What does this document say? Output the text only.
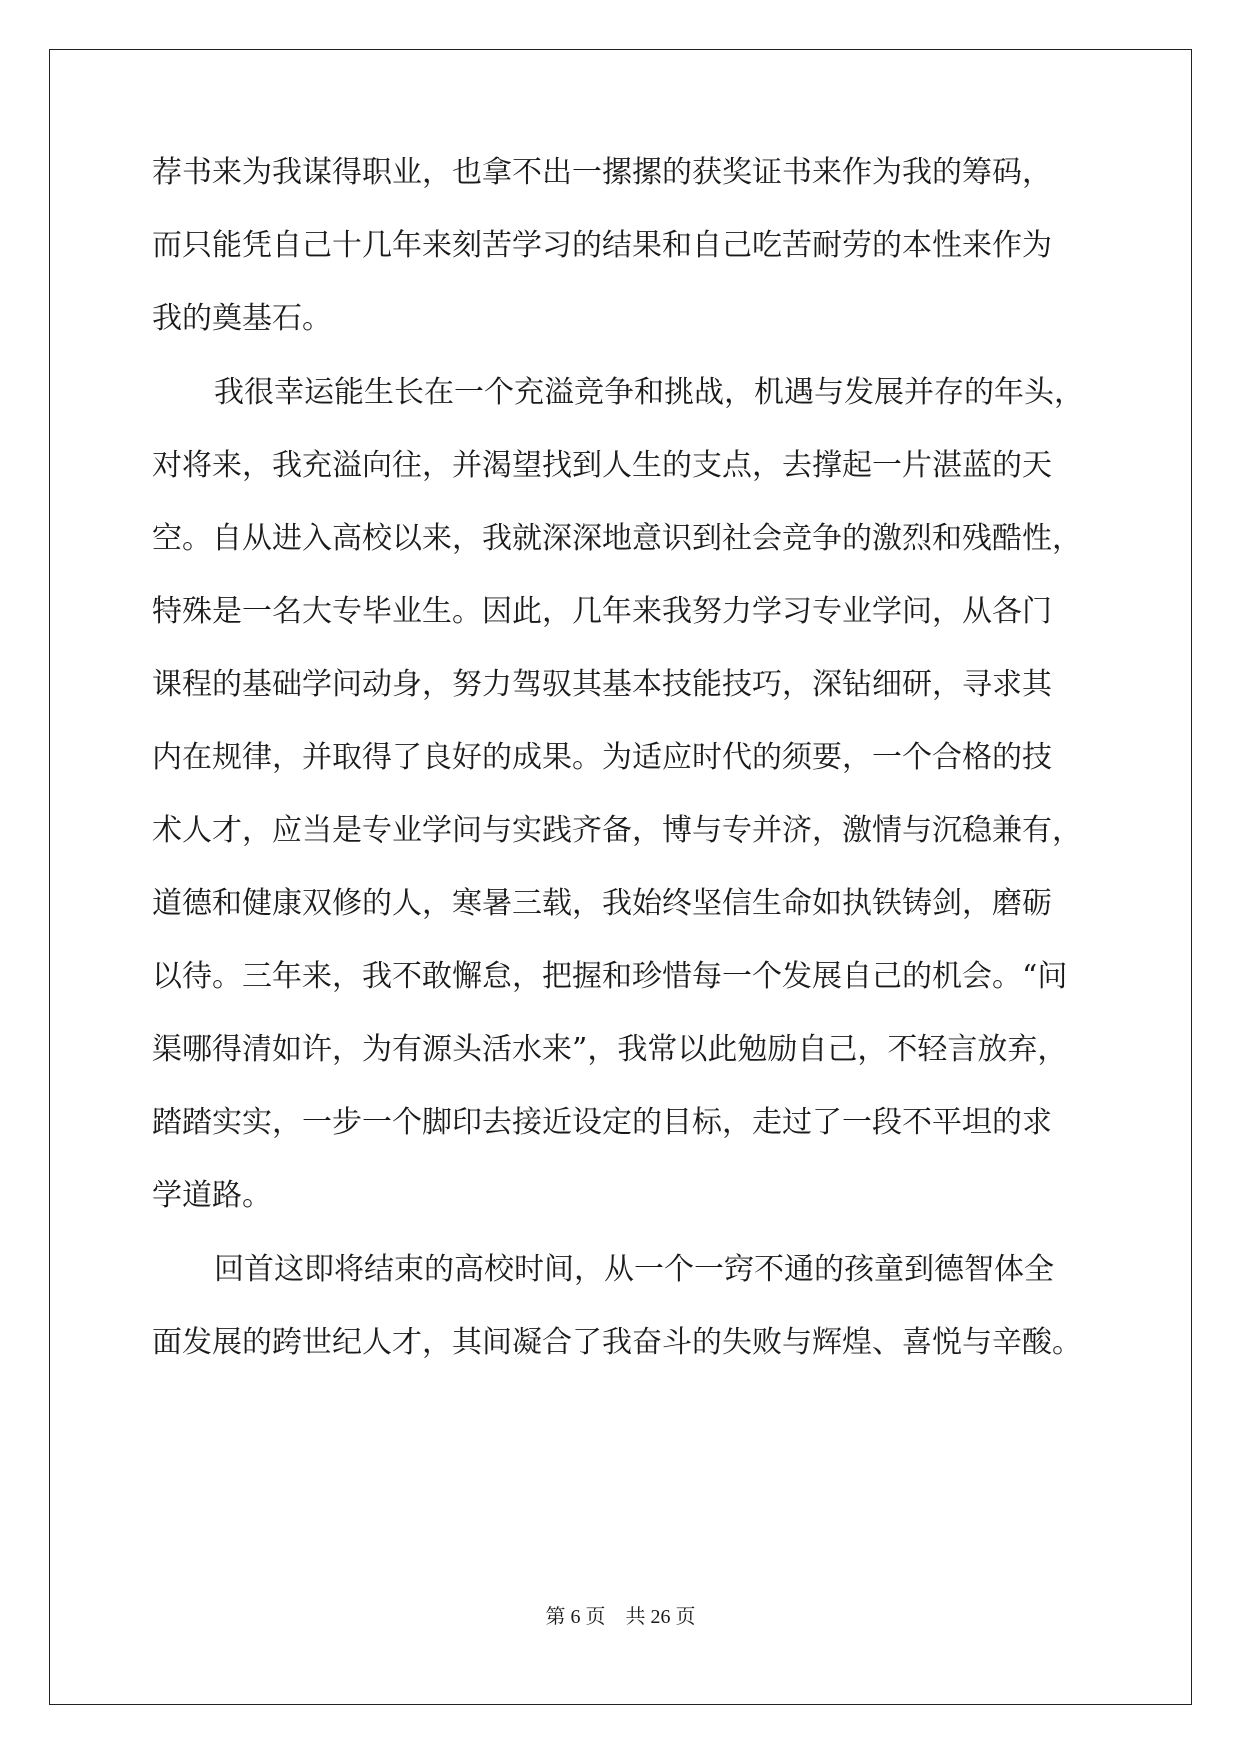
荐书来为我谋得职业，也拿不出一摞摞的获奖证书来作为我的筹码，

而只能凭自己十几年来刻苦学习的结果和自己吃苦耐劳的本性来作为

我的奠基石。

我很幸运能生长在一个充溢竞争和挑战，机遇与发展并存的年头，

对将来，我充溢向往，并渴望找到人生的支点，去撑起一片湛蓝的天

空。自从进入高校以来，我就深深地意识到社会竞争的激烈和残酷性，

特殊是一名大专毕业生。因此，几年来我努力学习专业学问，从各门

课程的基础学问动身，努力驾驭其基本技能技巧，深钻细研，寻求其

内在规律，并取得了良好的成果。为适应时代的须要，一个合格的技

术人才，应当是专业学问与实践齐备，博与专并济，激情与沉稳兼有，

道德和健康双修的人，寒暑三载，我始终坚信生命如执铁铸剑，磨砺

以待。三年来，我不敢懈怠，把握和珍惜每一个发展自己的机会。“问

渠哪得清如许，为有源头活水来”，我常以此勉励自己，不轻言放弃，

踏踏实实，一步一个脚印去接近设定的目标，走过了一段不平坦的求

学道路。

回首这即将结束的高校时间，从一个一窍不通的孩童到德智体全

面发展的跨世纪人才，其间凝合了我奋斗的失败与辉煌、喜悦与辛酸。

第 6 页    共 26 页
